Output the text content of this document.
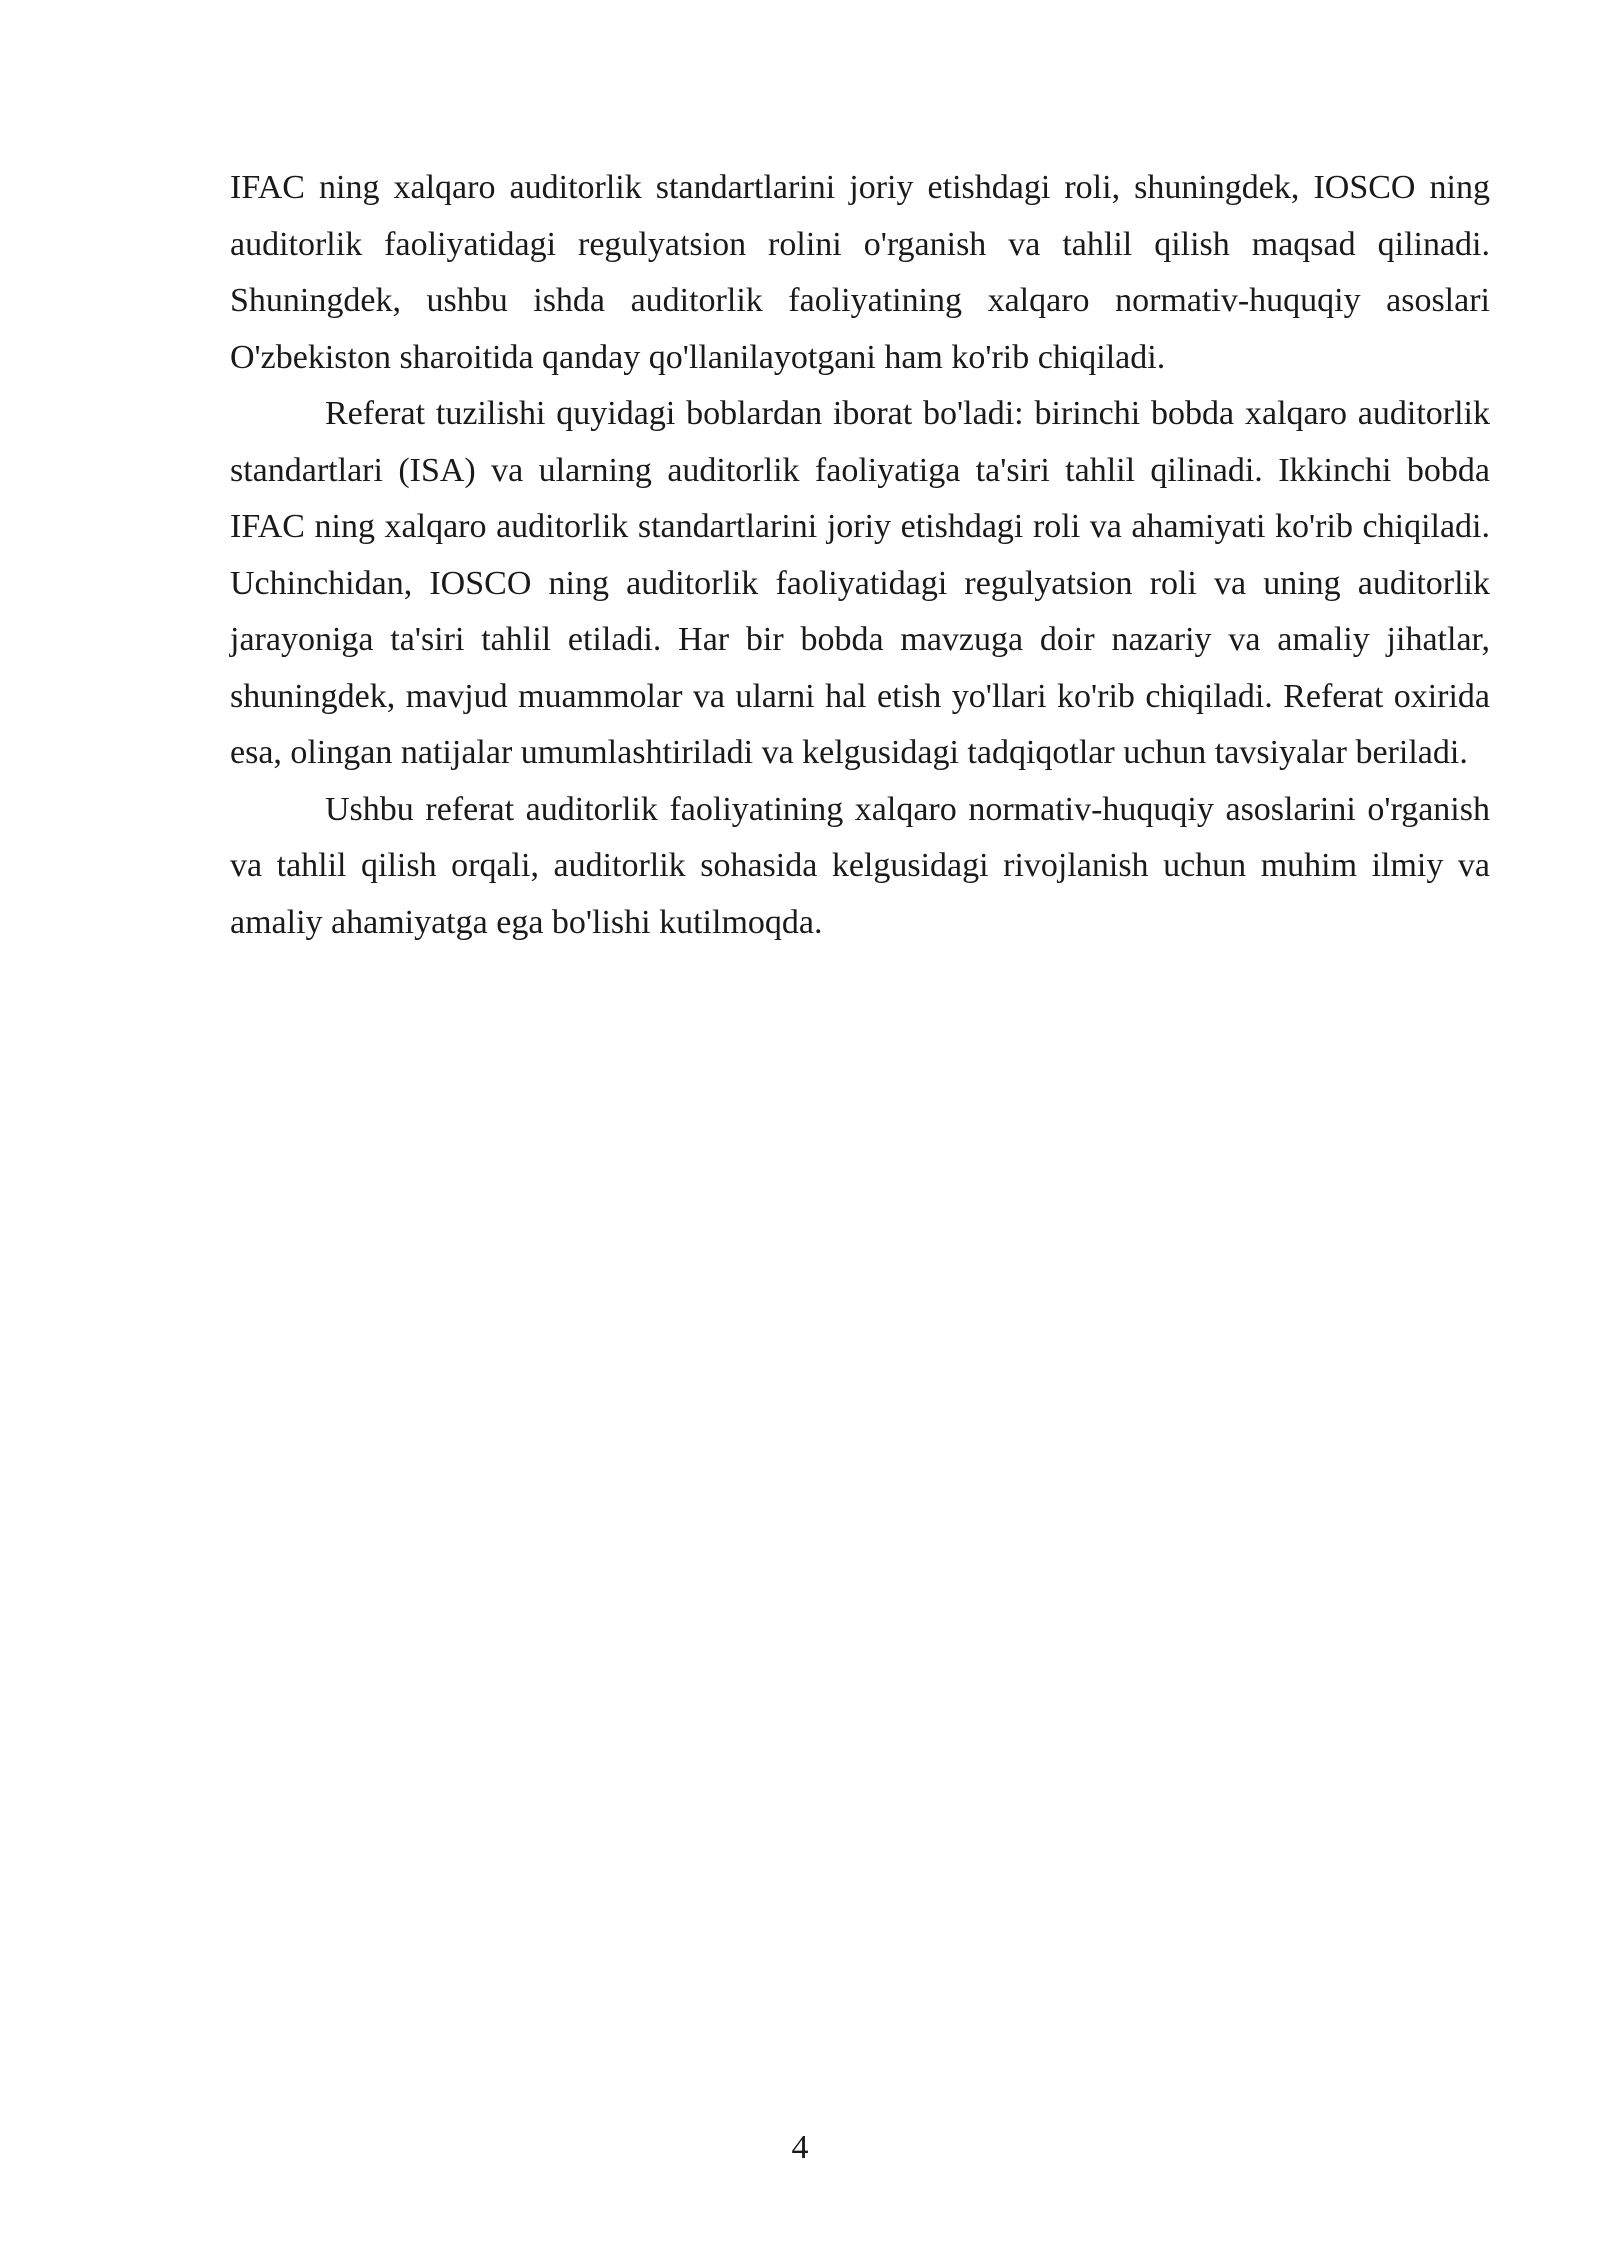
IFAC ning xalqaro auditorlik standartlarini joriy etishdagi roli, shuningdek, IOSCO ning auditorlik faoliyatidagi regulyatsion rolini o'rganish va tahlil qilish maqsad qilinadi. Shuningdek, ushbu ishda auditorlik faoliyatining xalqaro normativ-huquqiy asoslari O'zbekiston sharoitida qanday qo'llanilayotgani ham ko'rib chiqiladi.

Referat tuzilishi quyidagi boblardan iborat bo'ladi: birinchi bobda xalqaro auditorlik standartlari (ISA) va ularning auditorlik faoliyatiga ta'siri tahlil qilinadi. Ikkinchi bobda IFAC ning xalqaro auditorlik standartlarini joriy etishdagi roli va ahamiyati ko'rib chiqiladi. Uchinchidan, IOSCO ning auditorlik faoliyatidagi regulyatsion roli va uning auditorlik jarayoniga ta'siri tahlil etiladi. Har bir bobda mavzuga doir nazariy va amaliy jihatlar, shuningdek, mavjud muammolar va ularni hal etish yo'llari ko'rib chiqiladi. Referat oxirida esa, olingan natijalar umumlashtiriladi va kelgusidagi tadqiqotlar uchun tavsiyalar beriladi.

Ushbu referat auditorlik faoliyatining xalqaro normativ-huquqiy asoslarini o'rganish va tahlil qilish orqali, auditorlik sohasida kelgusidagi rivojlanish uchun muhim ilmiy va amaliy ahamiyatga ega bo'lishi kutilmoqda.

4
